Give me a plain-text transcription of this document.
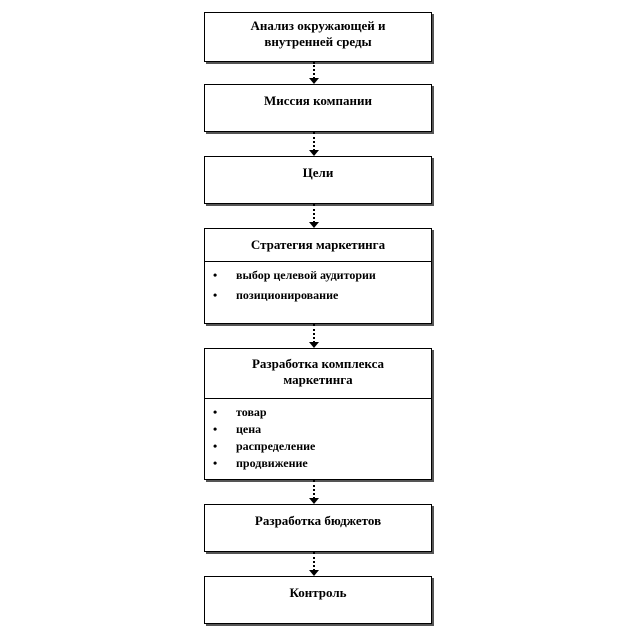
Анализ окружающей и
внутренней среды
Миссия компании
Цели
Стратегия маркетинга
• выбор целевой аудитории
• позиционирование
Разработка комплекса
маркетинга
• товар
• цена
• распределение
• продвижение
Разработка бюджетов
Контроль
